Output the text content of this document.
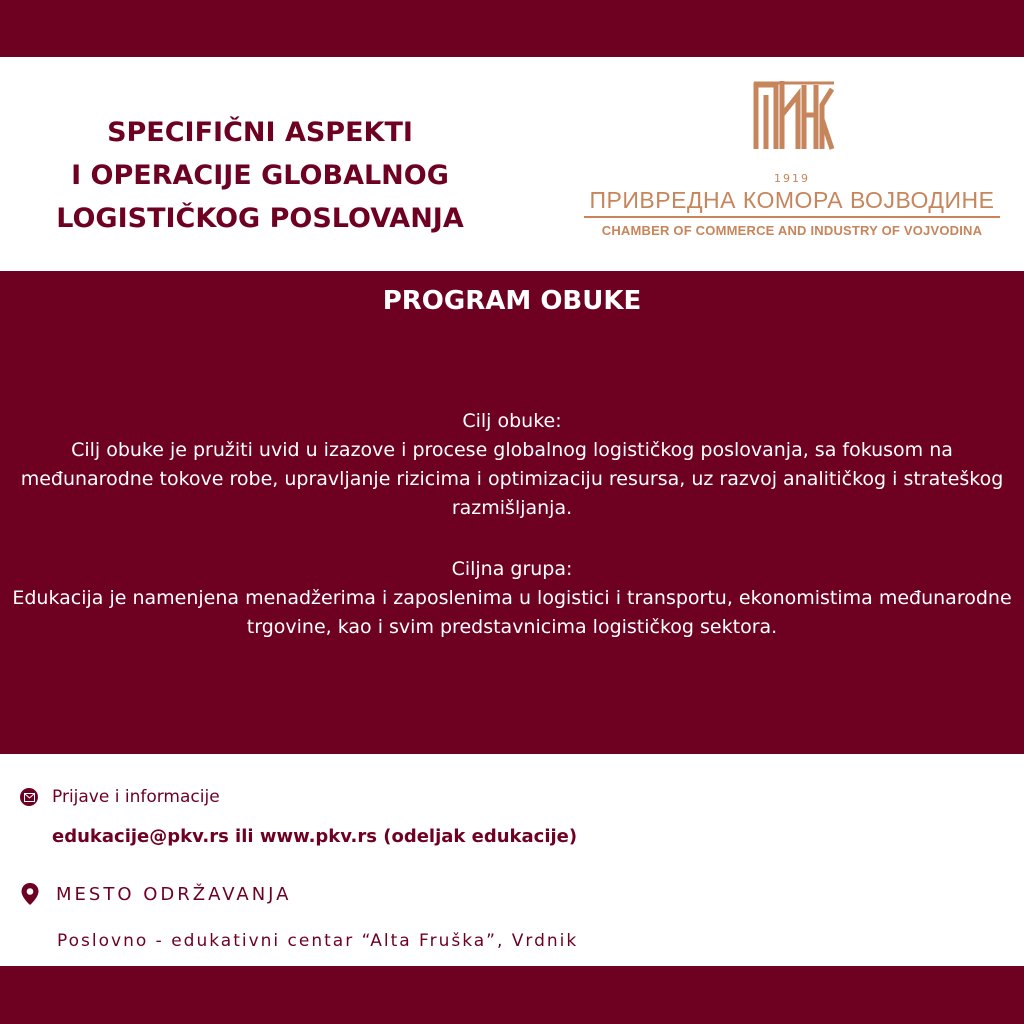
SPECIFIČNI ASPEKTI
I OPERACIJE GLOBALNOG
LOGISTIČKOG POSLOVANJA
1919
ПРИВРЕДНА КОМОРА ВОЈВОДИНЕ
CHAMBER OF COMMERCE AND INDUSTRY OF VOJVODINA
PROGRAM OBUKE
Cilj obuke:
Cilj obuke je pružiti uvid u izazove i procese globalnog logističkog poslovanja, sa fokusom na međunarodne tokove robe, upravljanje rizicima i optimizaciju resursa, uz razvoj analitičkog i strateškog razmišljanja.
Ciljna grupa:
Edukacija je namenjena menadžerima i zaposlenima u logistici i transportu, ekonomistima međunarodne trgovine, kao i svim predstavnicima logističkog sektora.
Prijave i informacije
edukacije@pkv.rs ili www.pkv.rs (odeljak edukacije)
MESTO ODRŽAVANJA
Poslovno - edukativni centar “Alta Fruška”, Vrdnik
